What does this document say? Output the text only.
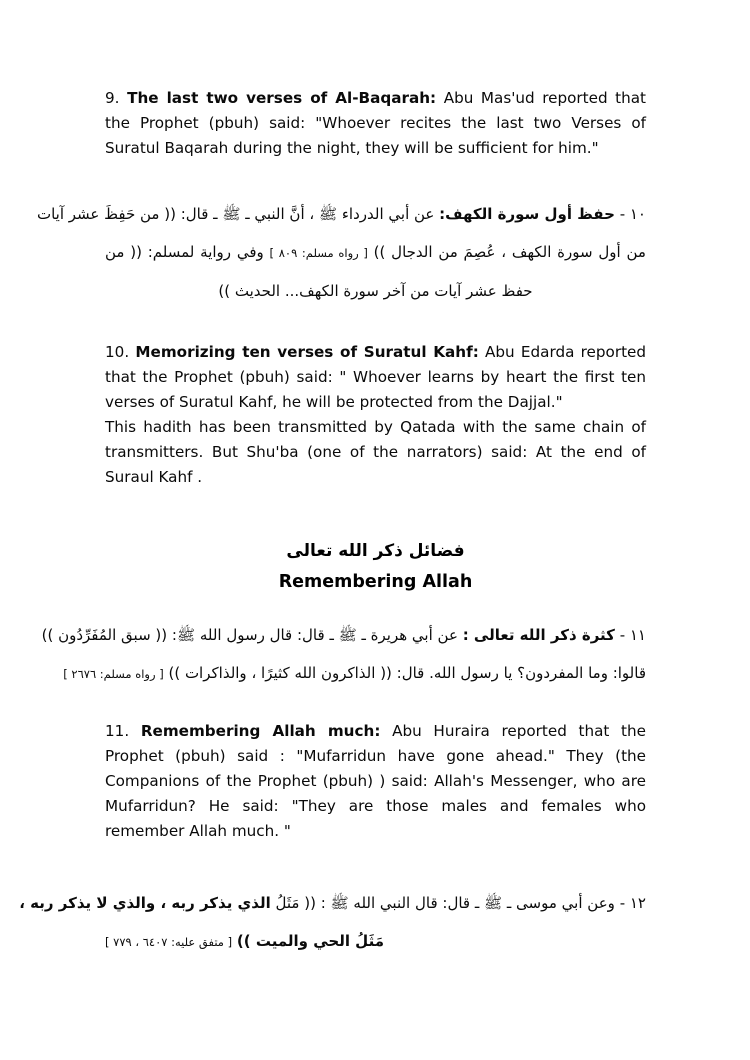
9. The last two verses of Al-Baqarah: Abu Mas'ud reported that the Prophet (pbuh) said: "Whoever recites the last two Verses of Suratul Baqarah during the night, they will be sufficient for him."

١٠ - حفظ أول سورة الكهف: عن أبي الدرداء ﷺ ، أنَّ النبي ـ ﷺ ـ قال: (( من حَفِظَ عشر آيات
من أول سورة الكهف ، عُصِمَ من الدجال )) [ رواه مسلم: ٨٠٩ ] وفي رواية لمسلم: (( من
حفظ عشر آيات من آخر سورة الكهف... الحديث ))

10. Memorizing ten verses of Suratul Kahf: Abu Edarda reported that the Prophet (pbuh) said: " Whoever learns by heart the first ten verses of Suratul Kahf, he will be protected from the Dajjal."

This hadith has been transmitted by Qatada with the same chain of transmitters. But Shu'ba (one of the narrators) said: At the end of Suraul Kahf .

فضائل ذكر الله تعالى
Remembering Allah
١١ - كثرة ذكر الله تعالى : عن أبي هريرة ـ ﷺ ـ قال: قال رسول الله ﷺ: (( سبق المُفَرِّدُون ))
قالوا: وما المفردون؟ يا رسول الله. قال: (( الذاكرون الله كثيرًا ، والذاكرات )) [ رواه مسلم: ٢٦٧٦ ]

11. Remembering Allah much: Abu Huraira reported that the Prophet (pbuh) said : "Mufarridun have gone ahead." They (the Companions of the Prophet (pbuh) ) said: Allah's Messenger, who are Mufarridun? He said: "They are those males and females who remember Allah much. "

١٢ - وعن أبي موسى ـ ﷺ ـ قال: قال النبي الله ﷺ : (( مَثَلُ الذي يذكر ربه ، والذي لا يذكر ربه ،
مَثَلُ الحي والميت )) [ متفق عليه: ٦٤٠٧ ، ٧٧٩ ]
